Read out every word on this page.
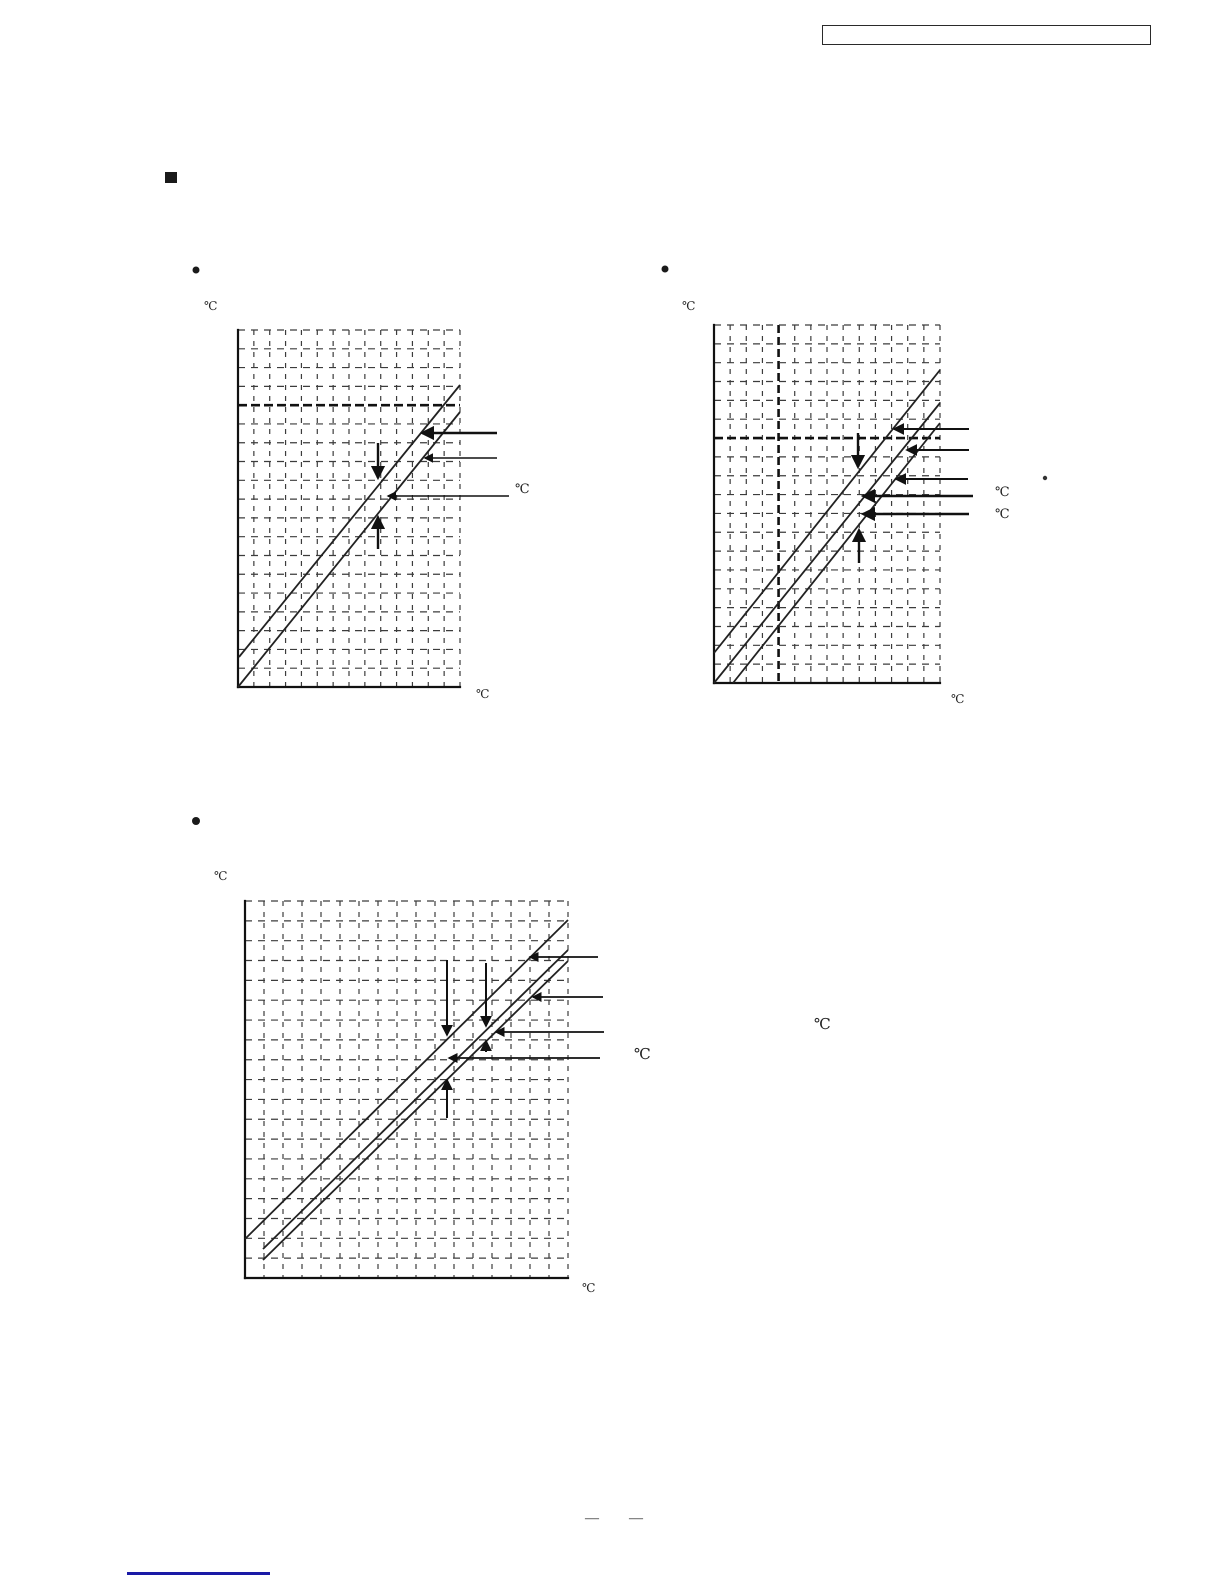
℃
℃
℃
℃
℃
℃
℃
℃
℃
℃
℃
— —
